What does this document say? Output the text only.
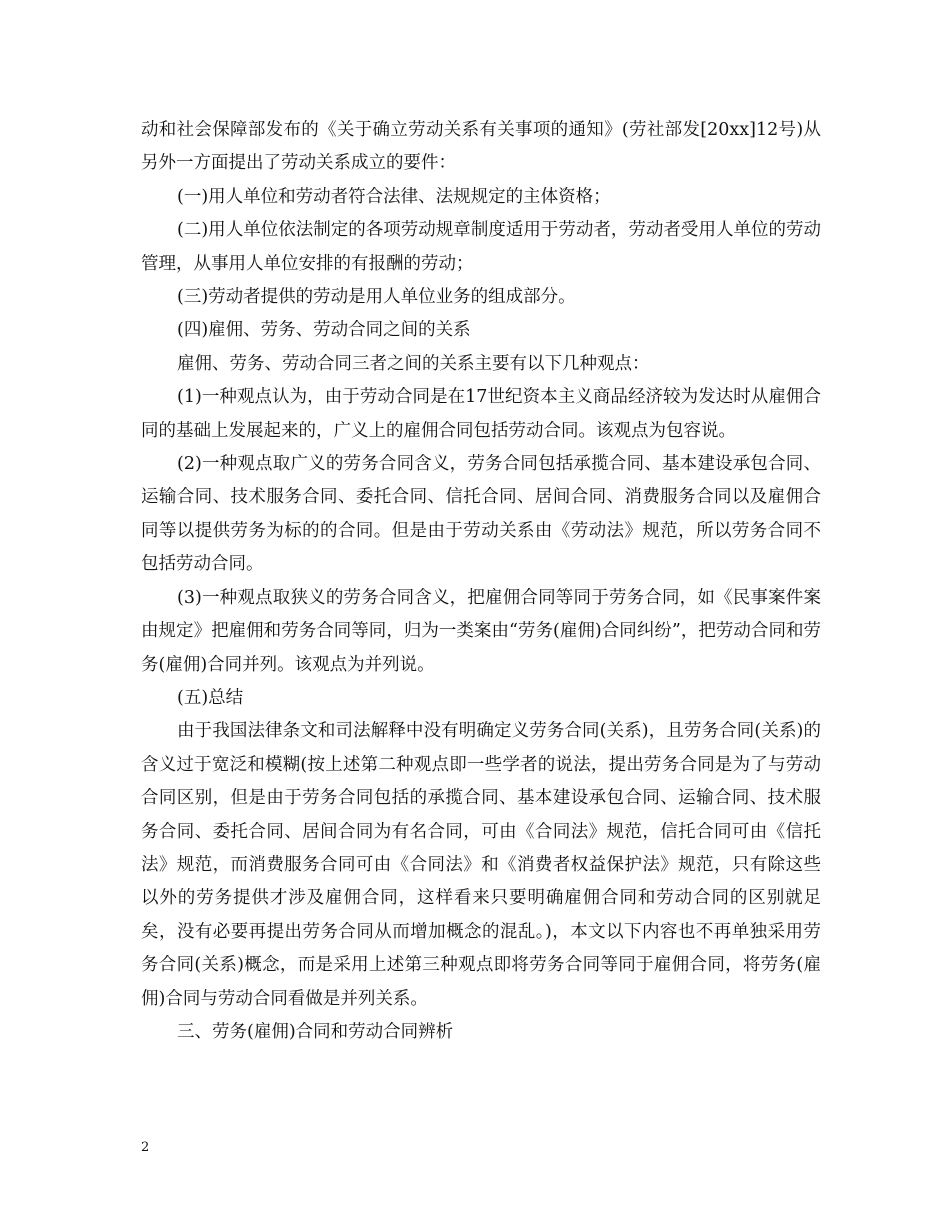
动和社会保障部发布的《关于确立劳动关系有关事项的通知》(劳社部发[20xx]12号)从另外一方面提出了劳动关系成立的要件：

(一)用人单位和劳动者符合法律、法规规定的主体资格；

(二)用人单位依法制定的各项劳动规章制度适用于劳动者，劳动者受用人单位的劳动管理，从事用人单位安排的有报酬的劳动；

(三)劳动者提供的劳动是用人单位业务的组成部分。

(四)雇佣、劳务、劳动合同之间的关系

雇佣、劳务、劳动合同三者之间的关系主要有以下几种观点：

(1)一种观点认为，由于劳动合同是在17世纪资本主义商品经济较为发达时从雇佣合同的基础上发展起来的，广义上的雇佣合同包括劳动合同。该观点为包容说。

(2)一种观点取广义的劳务合同含义，劳务合同包括承揽合同、基本建设承包合同、运输合同、技术服务合同、委托合同、信托合同、居间合同、消费服务合同以及雇佣合同等以提供劳务为标的的合同。但是由于劳动关系由《劳动法》规范，所以劳务合同不包括劳动合同。

(3)一种观点取狭义的劳务合同含义，把雇佣合同等同于劳务合同，如《民事案件案由规定》把雇佣和劳务合同等同，归为一类案由“劳务(雇佣)合同纠纷”，把劳动合同和劳务(雇佣)合同并列。该观点为并列说。

(五)总结

由于我国法律条文和司法解释中没有明确定义劳务合同(关系)，且劳务合同(关系)的含义过于宽泛和模糊(按上述第二种观点即一些学者的说法，提出劳务合同是为了与劳动合同区别，但是由于劳务合同包括的承揽合同、基本建设承包合同、运输合同、技术服务合同、委托合同、居间合同为有名合同，可由《合同法》规范，信托合同可由《信托法》规范，而消费服务合同可由《合同法》和《消费者权益保护法》规范，只有除这些以外的劳务提供才涉及雇佣合同，这样看来只要明确雇佣合同和劳动合同的区别就足矣，没有必要再提出劳务合同从而增加概念的混乱。)，本文以下内容也不再单独采用劳务合同(关系)概念，而是采用上述第三种观点即将劳务合同等同于雇佣合同，将劳务(雇佣)合同与劳动合同看做是并列关系。

三、劳务(雇佣)合同和劳动合同辨析

2
